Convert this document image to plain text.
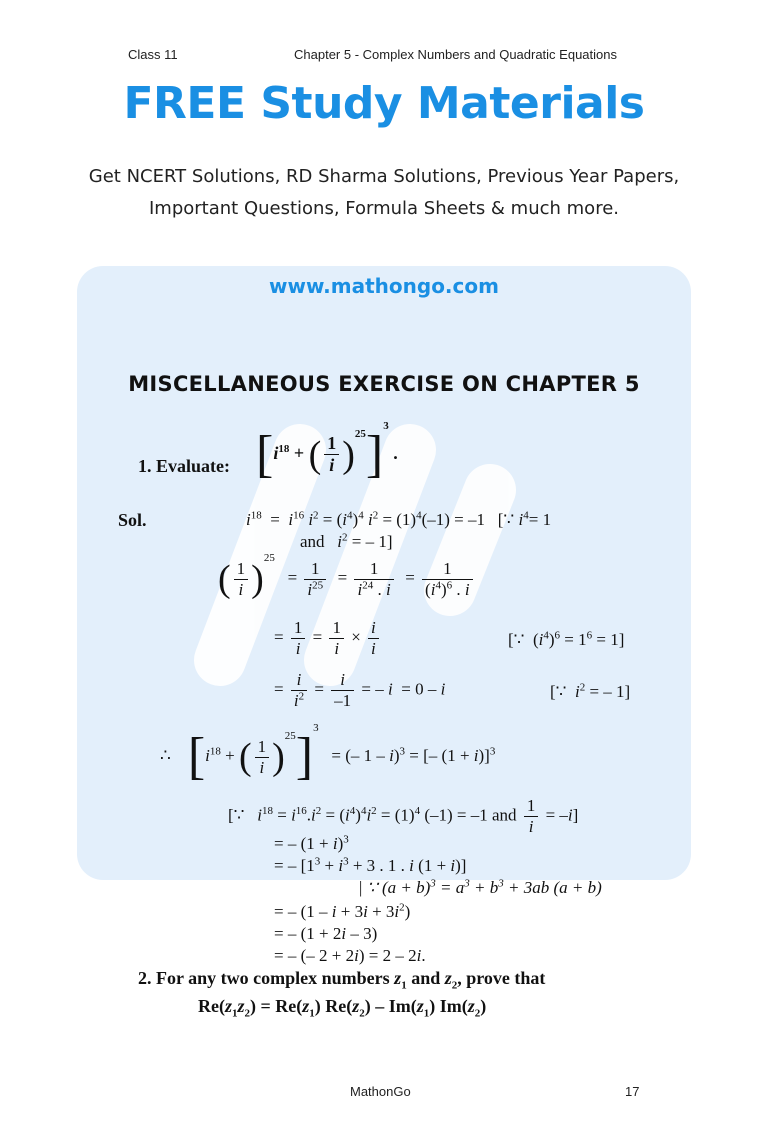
Class 11	Chapter 5 - Complex Numbers and Quadratic Equations
FREE Study Materials
Get NCERT Solutions, RD Sharma Solutions, Previous Year Papers,
Important Questions, Formula Sheets & much more.
www.mathongo.com
MISCELLANEOUS EXERCISE ON CHAPTER 5
1. Evaluate: [$i^{18}$ + ( $\frac{1}{i} )^{25}]^3$ .
Sol.	$i^{18} = i^{16}$ $i^2 = (i^4)^4$ $i^2 = (1)^4(-1) = -1$   [∵ $i^4= 1$
and $i^2$ = – 1]
( $\frac{1}{i} )^{25} = \frac{1}{i^{25}} = \frac{1}{i^{24} . i} = \frac{1}{(i^4)^6 . i}$
= $\frac{1}{i} = \frac{1}{i} \times \frac{i}{i}$	[∵  $(i^4)^6 = 1^6 = 1$]
= $\frac{i}{i^2} = \frac{i}{-1}$ = – i  = 0 – i	[∵  $i^2$ = – 1]
∴    [$i^{18}$ + ( $\frac{1}{i} )^{25}]^3$   = (– 1 – i)$^3$ = [– (1 + i)]$^3$
[∵   $i^{18} = i^{16}.i^2 = (i^4)^4i^2 = (1)^4$ (–1) = –1 and $\frac{1}{i} = -i$]
= – $(1 + i)^3$
= – [$1^3 + i^3 + 3$ . 1 . i (1 + i)]
| ∵ $(a + b)^3 = a^3 + b^3 + 3ab$ (a + b)
= – $(1 - i + 3i + 3i^2)$
= – (1 + 2i – 3)
= – (– 2 + 2i) = 2 – 2i.
2. For any two complex numbers $z_1$ and $z_2$, prove that
$Re(z_1z_2) = Re(z_1)$ $Re(z_2) - Im(z_1)$ $Im(z_2)$
MathonGo	17
